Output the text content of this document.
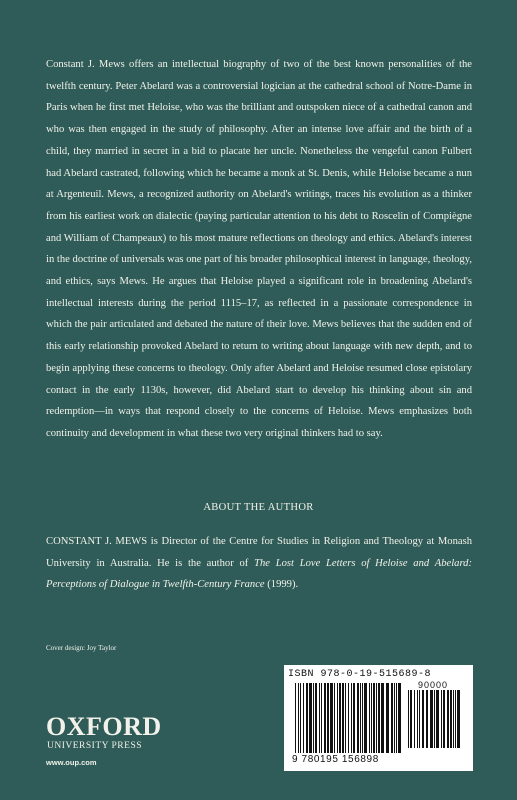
Constant J. Mews offers an intellectual biography of two of the best known personalities of the twelfth century. Peter Abelard was a controversial logician at the cathedral school of Notre-Dame in Paris when he first met Heloise, who was the brilliant and outspoken niece of a cathedral canon and who was then engaged in the study of philosophy. After an intense love affair and the birth of a child, they married in secret in a bid to placate her uncle. Nonetheless the vengeful canon Fulbert had Abelard castrated, following which he became a monk at St. Denis, while Heloise became a nun at Argenteuil. Mews, a recognized authority on Abelard's writings, traces his evolution as a thinker from his earliest work on dialectic (paying particular attention to his debt to Roscelin of Compiègne and William of Champeaux) to his most mature reflections on theology and ethics. Abelard's interest in the doctrine of universals was one part of his broader philosophical interest in language, theology, and ethics, says Mews. He argues that Heloise played a significant role in broadening Abelard's intellectual interests during the period 1115–17, as reflected in a passionate correspondence in which the pair articulated and debated the nature of their love. Mews believes that the sudden end of this early relationship provoked Abelard to return to writing about language with new depth, and to begin applying these concerns to theology. Only after Abelard and Heloise resumed close epistolary contact in the early 1130s, however, did Abelard start to develop his thinking about sin and redemption—in ways that respond closely to the concerns of Heloise. Mews emphasizes both continuity and development in what these two very original thinkers had to say.

ABOUT THE AUTHOR

CONSTANT J. MEWS is Director of the Centre for Studies in Religion and Theology at Monash University in Australia. He is the author of The Lost Love Letters of Heloise and Abelard: Perceptions of Dialogue in Twelfth-Century France (1999).

Cover design: Joy Taylor

OXFORD
UNIVERSITY PRESS
www.oup.com
ISBN 978-0-19-515689-8
90000
9 780195 156898
